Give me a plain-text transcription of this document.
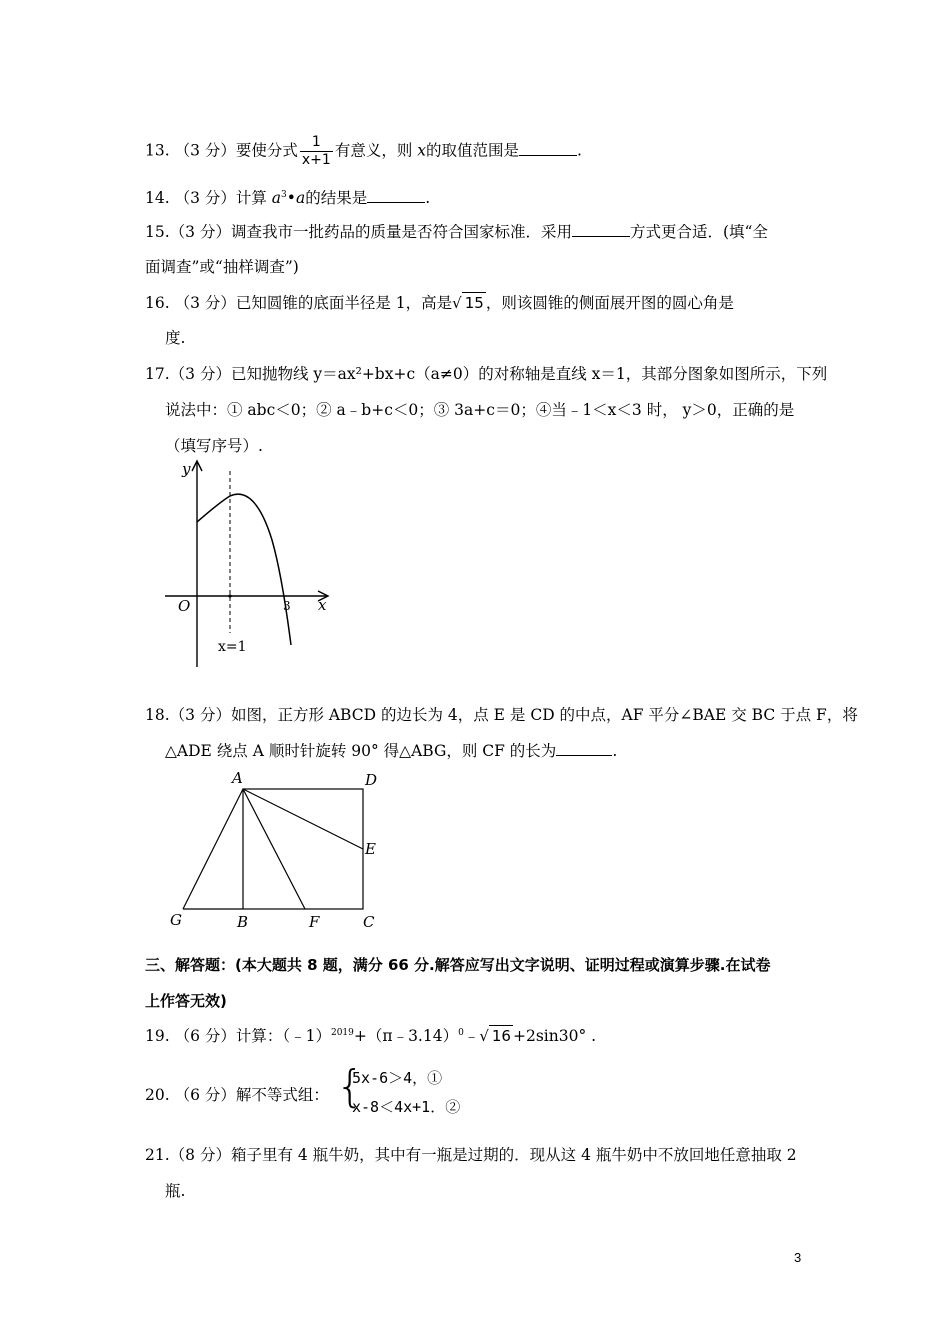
13. （3 分）要使分式 $\frac{1}{x+1}$ 有意义，则 x的取值范围是	.
14. （3 分）计算 $a^3•a$的结果是	.
15.（3 分）调查我市一批药品的质量是否符合国家标准．采用	方式更合适．(填“全
面调查”或“抽样调查”)
16. （3 分）已知圆锥的底面半径是 1，高是√ 15 ，则该圆锥的侧面展开图的圆心角是
度.
17.（3 分）已知抛物线 y＝ax²+bx+c（a≠0）的对称轴是直线 x＝1，其部分图象如图所示，下列
说法中：① abc＜0；② a﹣b+c＜0；③ 3a+c＝0；④当﹣1＜x＜3 时， y＞0，正确的是
（填写序号）.
y
x
O	3
x=1
18.（3 分）如图，正方形 ABCD 的边长为 4，点 E 是 CD 的中点，AF 平分∠BAE 交 BC 于点 F，将
△ADE 绕点 A 顺时针旋转 90° 得△ABG，则 CF 的长为	.
A	D
E
G	B	F	C
三、解答题：(本大题共 8 题，满分 66 分.解答应写出文字说明、证明过程或演算步骤.在试卷
上作答无效)
19. （6 分）计算：（﹣1）$^{2019}$+（π﹣3.14）$^0$﹣√ 16 +2sin30° .
20. （6 分）解不等式组： {
5x-6＞4，①
x-8＜4x+1．②
21.（8 分）箱子里有 4 瓶牛奶，其中有一瓶是过期的．现从这 4 瓶牛奶中不放回地任意抽取 2
瓶.
3
